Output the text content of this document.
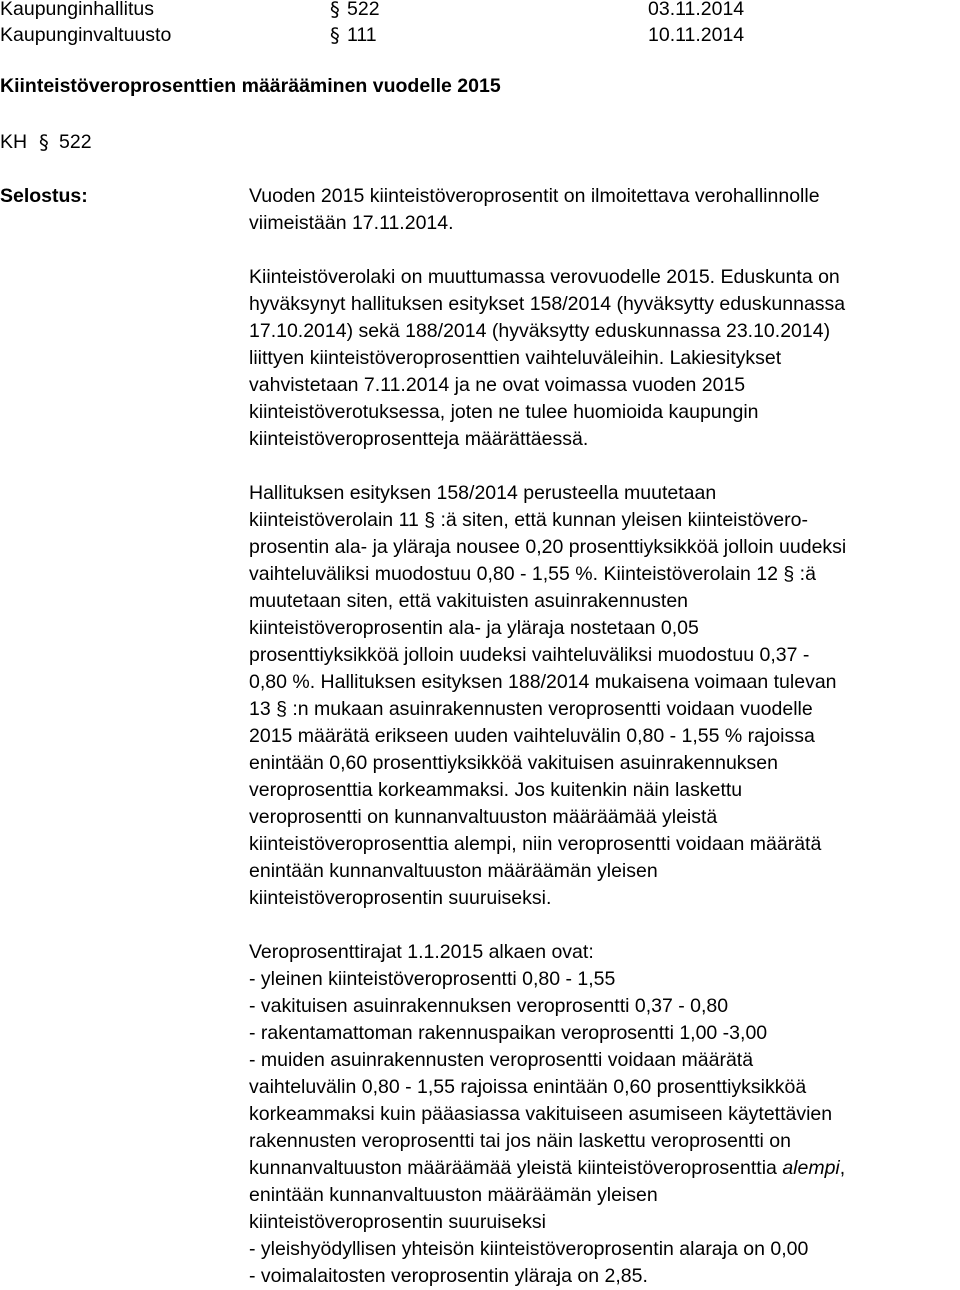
Kaupunginhallitus	§ 522	03.11.2014
Kaupunginvaltuusto	§ 111	10.11.2014
Kiinteistöveroprosenttien määrääminen vuodelle 2015
KH § 522
Selostus:	Vuoden 2015 kiinteistöveroprosentit on ilmoitettava verohallinnolle

viimeistään 17.11.2014.

Kiinteistöverolaki on muuttumassa verovuodelle 2015. Eduskunta on

hyväksynyt hallituksen esitykset 158/2014 (hyväksytty eduskunnassa

17.10.2014) sekä 188/2014 (hyväksytty eduskunnassa 23.10.2014)

liittyen kiinteistöveroprosenttien vaihteluväleihin. Lakiesitykset

vahvistetaan 7.11.2014 ja ne ovat voimassa vuoden 2015

kiinteistöverotuksessa, joten ne tulee huomioida kaupungin

kiinteistöveroprosentteja määrättäessä.

Hallituksen esityksen 158/2014 perusteella muutetaan

kiinteistöverolain 11 § :ä siten, että kunnan yleisen kiinteistövero-

prosentin ala- ja yläraja nousee 0,20 prosenttiyksikköä jolloin uudeksi

vaihteluväliksi muodostuu 0,80 - 1,55 %. Kiinteistöverolain 12 § :ä

muutetaan siten, että vakituisten asuinrakennusten

kiinteistöveroprosentin ala- ja yläraja nostetaan 0,05

prosenttiyksikköä jolloin uudeksi vaihteluväliksi muodostuu 0,37 -

0,80 %. Hallituksen esityksen 188/2014 mukaisena voimaan tulevan

13 § :n mukaan asuinrakennusten veroprosentti voidaan vuodelle

2015 määrätä erikseen uuden vaihteluvälin 0,80 - 1,55 % rajoissa

enintään 0,60 prosenttiyksikköä vakituisen asuinrakennuksen

veroprosenttia korkeammaksi. Jos kuitenkin näin laskettu

veroprosentti on kunnanvaltuuston määräämää yleistä

kiinteistöveroprosenttia alempi, niin veroprosentti voidaan määrätä

enintään kunnanvaltuuston määräämän yleisen

kiinteistöveroprosentin suuruiseksi.

Veroprosenttirajat 1.1.2015 alkaen ovat:

- yleinen kiinteistöveroprosentti 0,80 - 1,55

- vakituisen asuinrakennuksen veroprosentti 0,37 - 0,80

- rakentamattoman rakennuspaikan veroprosentti 1,00 -3,00

- muiden asuinrakennusten veroprosentti voidaan määrätä

vaihteluvälin 0,80 - 1,55 rajoissa enintään 0,60 prosenttiyksikköä

korkeammaksi kuin pääasiassa vakituiseen asumiseen käytettävien

rakennusten veroprosentti tai jos näin laskettu veroprosentti on

kunnanvaltuuston määräämää yleistä kiinteistöveroprosenttia alempi,

enintään kunnanvaltuuston määräämän yleisen

kiinteistöveroprosentin suuruiseksi

- yleishyödyllisen yhteisön kiinteistöveroprosentin alaraja on 0,00

- voimalaitosten veroprosentin yläraja on 2,85.
